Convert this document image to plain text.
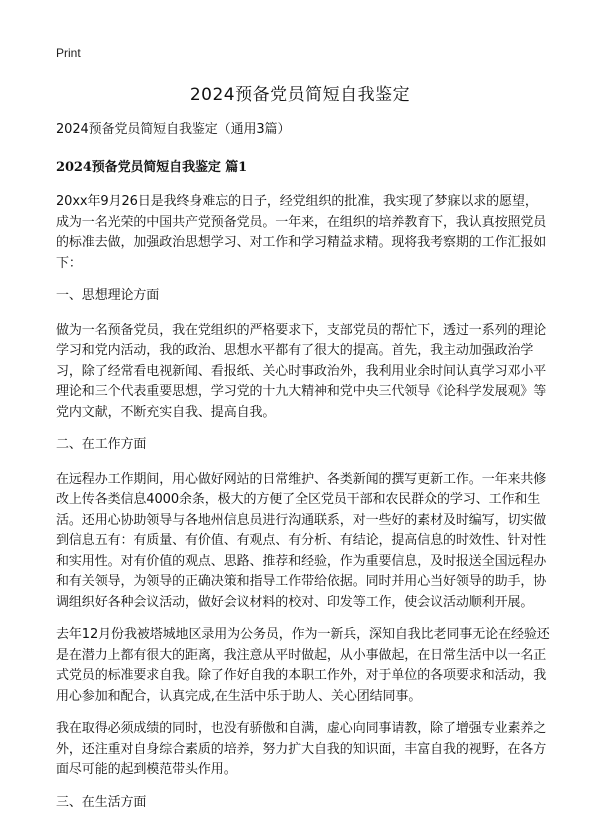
Print
2024预备党员简短自我鉴定

2024预备党员简短自我鉴定（通用3篇）

2024预备党员简短自我鉴定 篇1

20xx年9月26日是我终身难忘的日子，经党组织的批准，我实现了梦寐以求的愿望，成为一名光荣的中国共产党预备党员。一年来，在组织的培养教育下，我认真按照党员的标准去做，加强政治思想学习、对工作和学习精益求精。现将我考察期的工作汇报如下：

一、思想理论方面

做为一名预备党员，我在党组织的严格要求下，支部党员的帮忙下，透过一系列的理论学习和党内活动，我的政治、思想水平都有了很大的提高。首先，我主动加强政治学习，除了经常看电视新闻、看报纸、关心时事政治外，我利用业余时间认真学习邓小平理论和三个代表重要思想，学习党的十九大精神和党中央三代领导《论科学发展观》等党内文献，不断充实自我、提高自我。

二、在工作方面

在远程办工作期间，用心做好网站的日常维护、各类新闻的撰写更新工作。一年来共修改上传各类信息4000余条，极大的方便了全区党员干部和农民群众的学习、工作和生活。还用心协助领导与各地州信息员进行沟通联系，对一些好的素材及时编写，切实做到信息五有：有质量、有价值、有观点、有分析、有结论，提高信息的时效性、针对性和实用性。对有价值的观点、思路、推荐和经验，作为重要信息，及时报送全国远程办和有关领导，为领导的正确决策和指导工作带给依据。同时并用心当好领导的助手，协调组织好各种会议活动，做好会议材料的校对、印发等工作，使会议活动顺利开展。

去年12月份我被塔城地区录用为公务员，作为一新兵，深知自我比老同事无论在经验还是在潜力上都有很大的距离，我注意从平时做起，从小事做起，在日常生活中以一名正式党员的标准要求自我。除了作好自我的本职工作外，对于单位的各项要求和活动，我用心参加和配合，认真完成,在生活中乐于助人、关心团结同事。

我在取得必须成绩的同时，也没有骄傲和自满，虚心向同事请教，除了增强专业素养之外，还注重对自身综合素质的培养，努力扩大自我的知识面，丰富自我的视野，在各方面尽可能的起到模范带头作用。

三、在生活方面
